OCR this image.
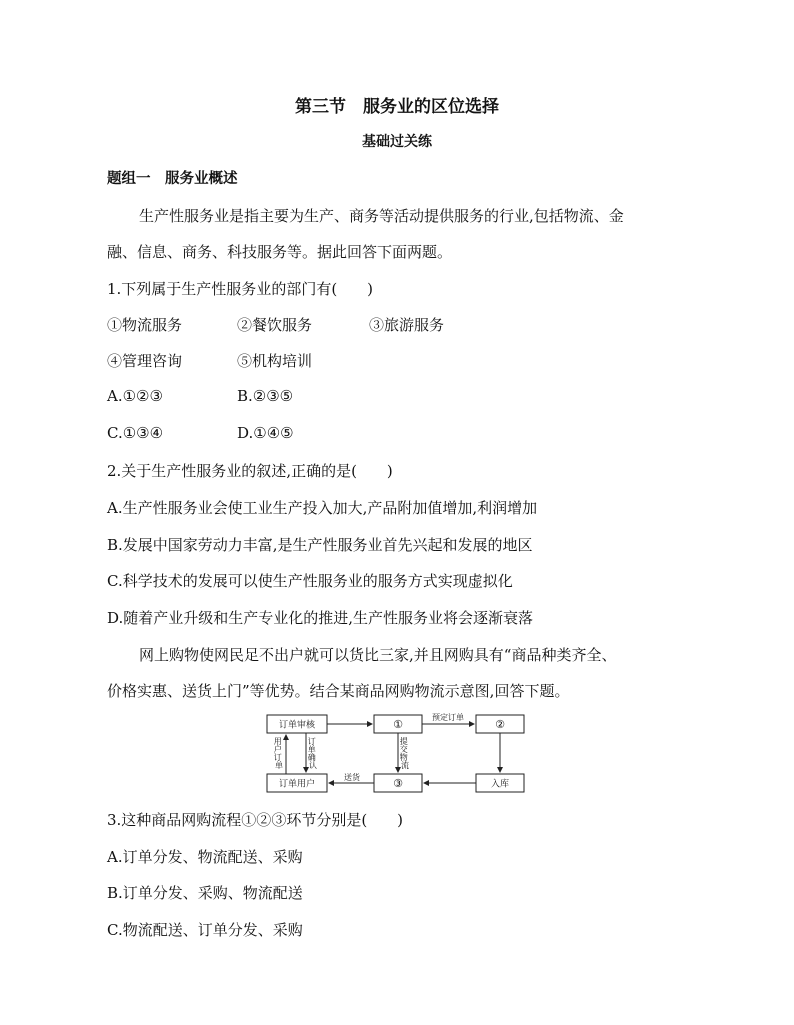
第三节　服务业的区位选择
基础过关练
题组一　服务业概述
生产性服务业是指主要为生产、商务等活动提供服务的行业,包括物流、金
融、信息、商务、科技服务等。据此回答下面两题。
1.下列属于生产性服务业的部门有(　　)
①物流服务	②餐饮服务	③旅游服务
④管理咨询	⑤机构培训
A.①②③	B.②③⑤
C.①③④	D.①④⑤
2.关于生产性服务业的叙述,正确的是(　　)
A.生产性服务业会使工业生产投入加大,产品附加值增加,利润增加
B.发展中国家劳动力丰富,是生产性服务业首先兴起和发展的地区
C.科学技术的发展可以使生产性服务业的服务方式实现虚拟化
D.随着产业升级和生产专业化的推进,生产性服务业将会逐渐衰落
网上购物使网民足不出户就可以货比三家,并且网购具有“商品种类齐全、
价格实惠、送货上门”等优势。结合某商品网购物流示意图,回答下题。
订单审核	①	②
订单用户	③	入库
预定订单
送货
用 户 订 单
订 单 确 认
提 交 物 流
3.这种商品网购流程①②③环节分别是(　　)
A.订单分发、物流配送、采购
B.订单分发、采购、物流配送
C.物流配送、订单分发、采购
